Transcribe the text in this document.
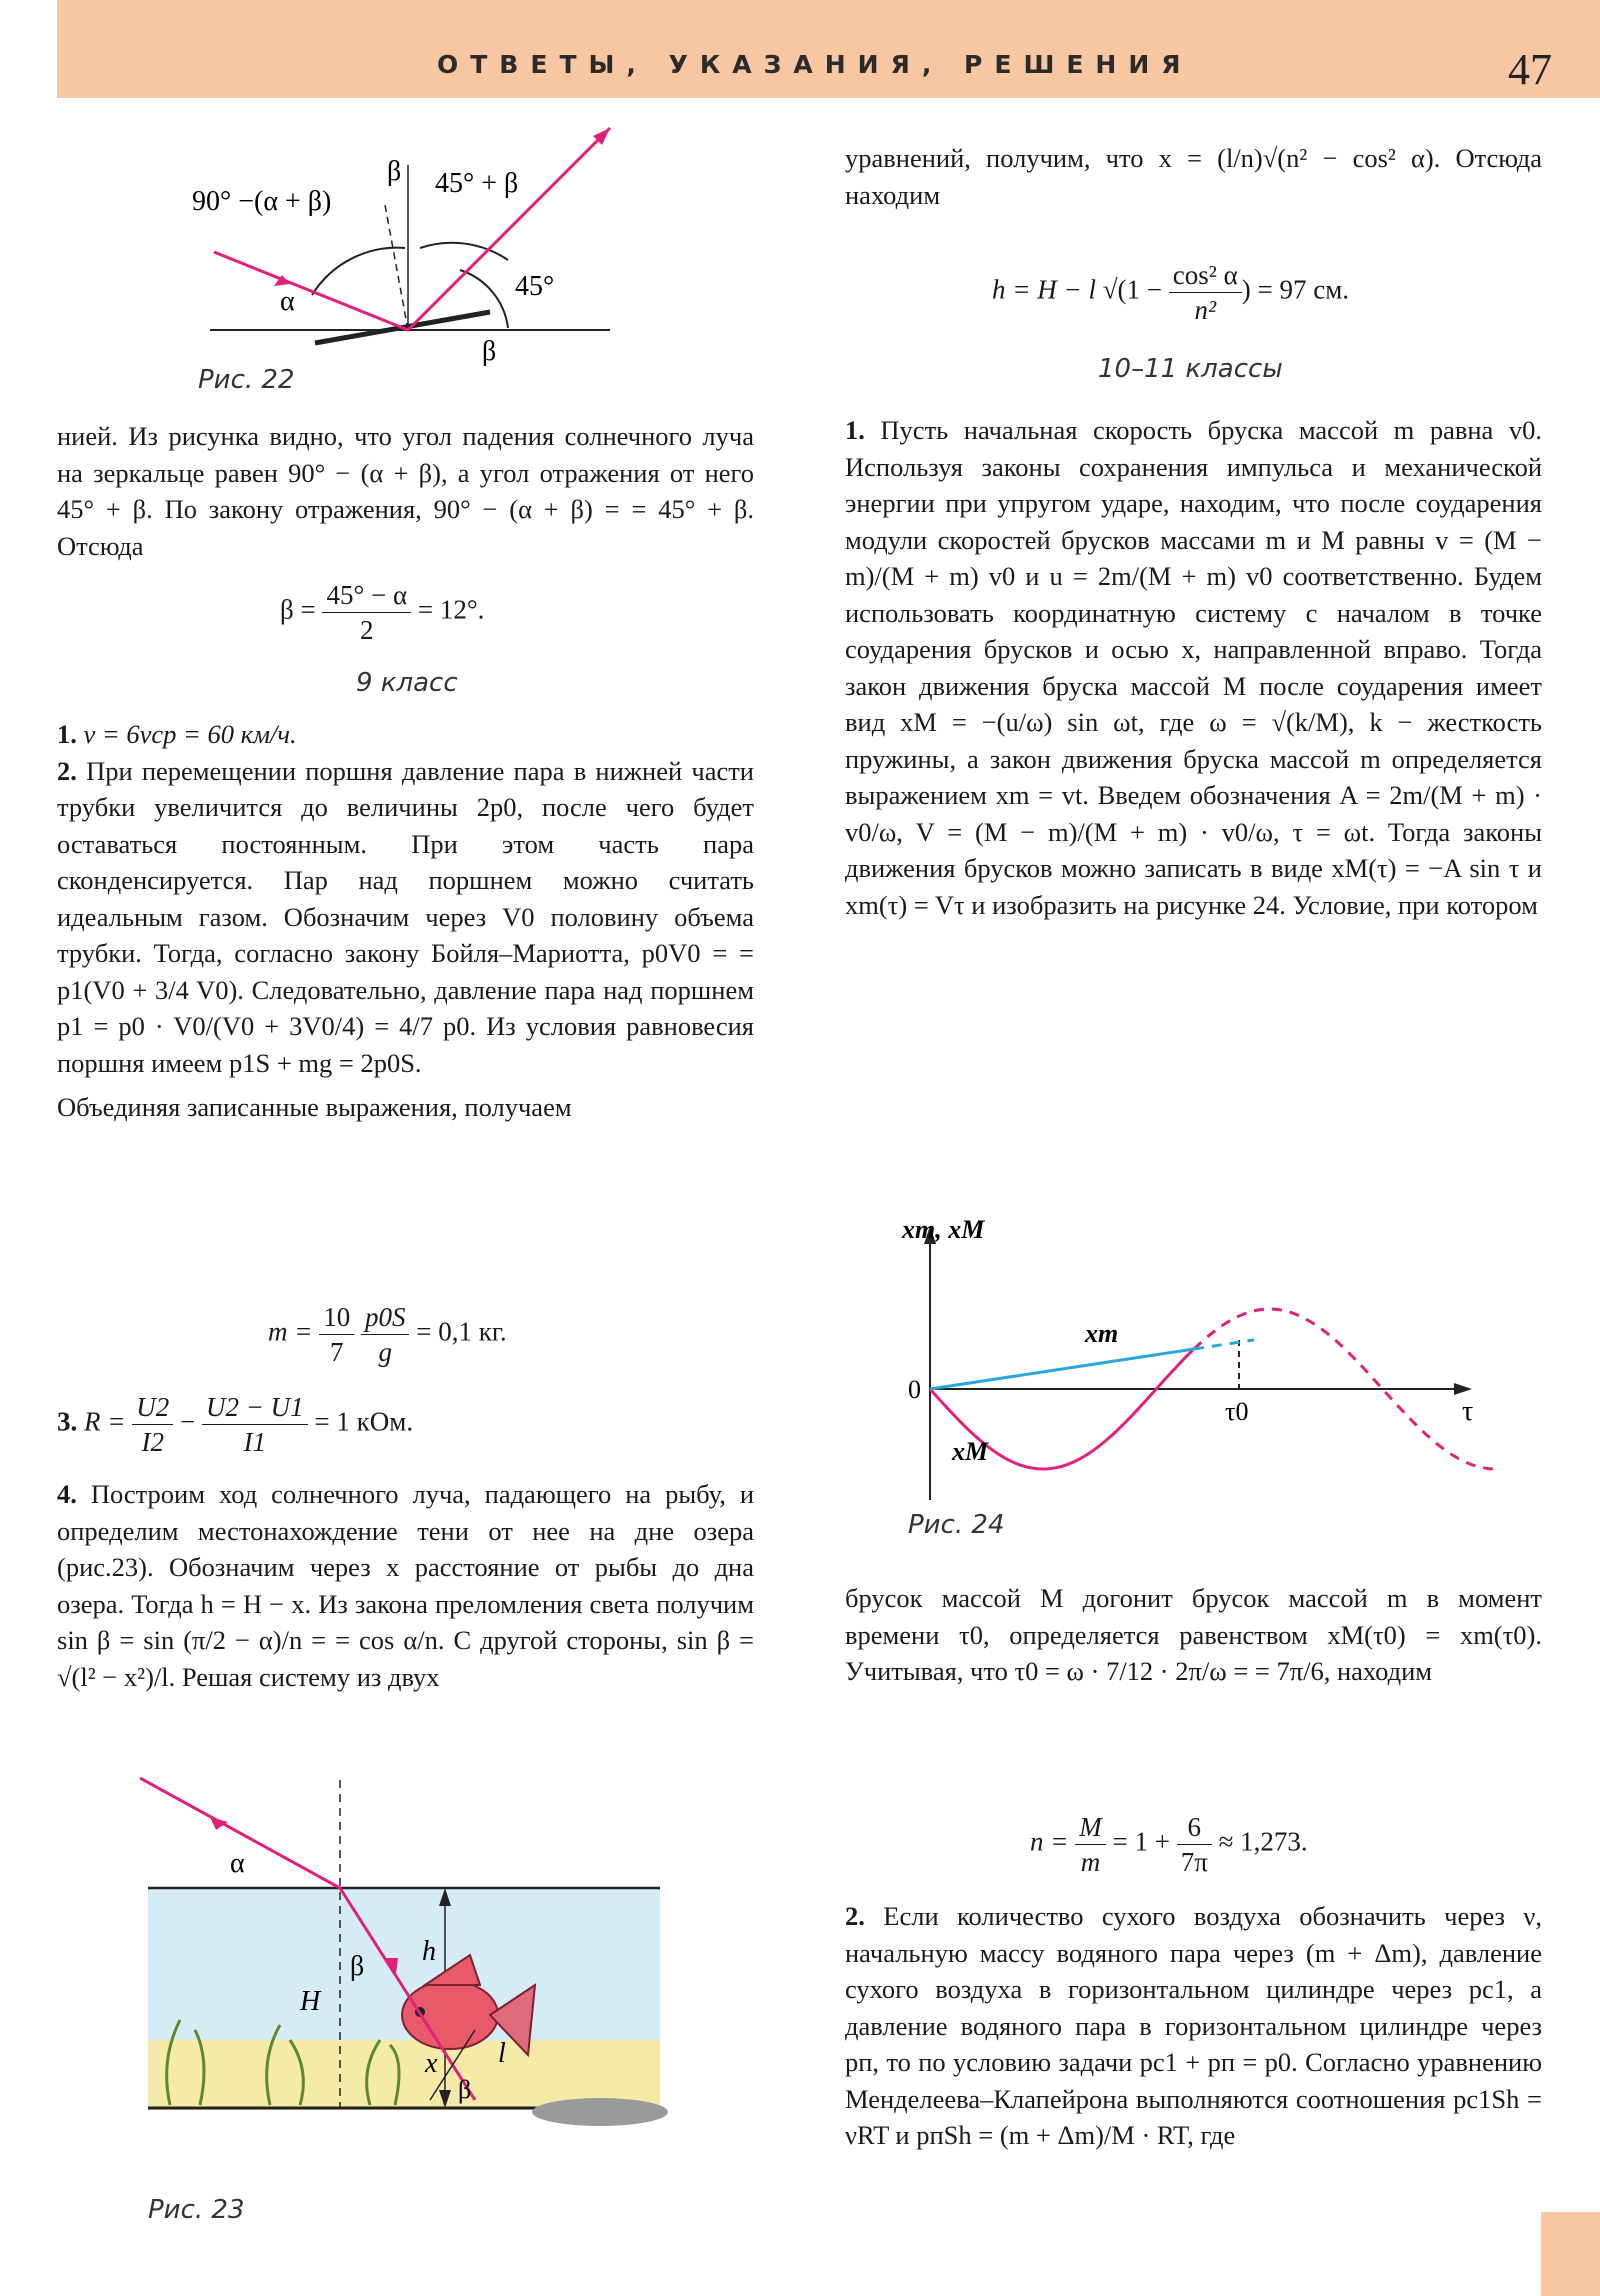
ОТВЕТЫ, УКАЗАНИЯ, РЕШЕНИЯ	47
90° −(α + β)
β 45° + β
α	45°
β
Рис. 22

нией. Из рисунка видно, что угол падения солнечного луча на зеркальце равен 90° − (α + β), а угол отражения от него 45° + β. По закону отражения, 90° − (α + β) = = 45° + β. Отсюда

$\beta = \frac{45^\circ - \alpha}{2} = 12^\circ$.
9 класс

1. v = 6vср = 60 км/ч.

2. При перемещении поршня давление пара в нижней части трубки увеличится до величины 2p0, после чего будет оставаться постоянным. При этом часть пара сконденсируется. Пар над поршнем можно считать идеальным газом. Обозначим через V0 половину объема трубки. Тогда, согласно закону Бойля–Мариотта, p0V0 = = p1(V0 + 3/4 V0). Следовательно, давление пара над поршнем p1 = p0 · V0/(V0 + 3V0/4) = 4/7 p0. Из условия равновесия поршня имеем p1S + mg = 2p0S.

Объединяя записанные выражения, получаем

$m = \frac{10}{7}$
$\frac{p0S}{g} = 0,1$ кг.
3. $R = \frac{U2}{I2} - \frac{U2 - U1}{I1} = 1$ кОм.

4. Построим ход солнечного луча, падающего на рыбу, и определим местонахождение тени от нее на дне озера (рис.23). Обозначим через x расстояние от рыбы до дна озера. Тогда h = H − x. Из закона преломления света получим sin β = sin (π/2 − α)/n = = cos α/n. С другой стороны, sin β = √(l² − x²)/l. Решая систему из двух

α
β h
H
x l
β
Рис. 23

уравнений, получим, что x = (l/n)√(n² − cos² α). Отсюда находим

h = H − l $√(1 - \frac{\text{cos² α}}{\text{n²}}$ ) = 97 см.
10–11 классы

1. Пусть начальная скорость бруска массой m равна v0. Используя законы сохранения импульса и механической энергии при упругом ударе, находим, что после соударения модули скоростей брусков массами m и M равны v = (M − m)/(M + m) v0 и u = 2m/(M + m) v0 соответственно. Будем использовать координатную систему с началом в точке соударения брусков и осью x, направленной вправо. Тогда закон движения бруска массой M после соударения имеет вид xM = −(u/ω) sin ωt, где ω = √(k/M), k − жесткость пружины, а закон движения бруска массой m определяется выражением xm = vt. Введем обозначения A = 2m/(M + m) · v0/ω, V = (M − m)/(M + m) · v0/ω, τ = ωt. Тогда законы движения брусков можно записать в виде xM(τ) = −A sin τ и xm(τ) = Vτ и изобразить на рисунке 24. Условие, при котором

xm, xM
τ
0
τ0
xm
xM
Рис. 24

брусок массой M догонит брусок массой m в момент времени τ0, определяется равенством xM(τ0) = xm(τ0). Учитывая, что τ0 = ω · 7/12 · 2π/ω = = 7π/6, находим

$n = \frac{M}{m} = 1 + \frac{6}{7\pi} \approx 1,273$.

2. Если количество сухого воздуха обозначить через ν, начальную массу водяного пара через (m + Δm), давление сухого воздуха в горизонтальном цилиндре через pс1, а давление водяного пара в горизонтальном цилиндре через pп, то по условию задачи pс1 + pп = p0. Согласно уравнению Менделеева–Клапейрона выполняются соотношения pс1Sh = νRT и pпSh = (m + Δm)/M · RT, где
